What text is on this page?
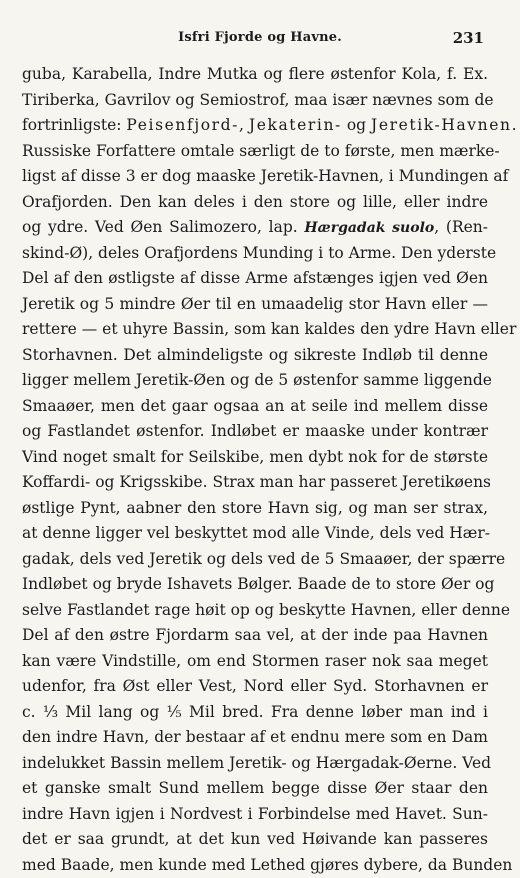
Isfri Fjorde og Havne.	231
guba, Karabella, Indre Mutka og flere østenfor Kola, f. Ex.
Tiriberka, Gavrilov og Semiostrof, maa især nævnes som de
fortrinligste: Peisenfjord-, Jekaterin- og Jeretik-Havnen.
Russiske Forfattere omtale særligt de to første, men mærke-
ligst af disse 3 er dog maaske Jeretik-Havnen, i Mundingen af
Orafjorden. Den kan deles i den store og lille, eller indre
og ydre. Ved Øen Salimozero, lap. Hærgadak suolo, (Ren-
skind-Ø), deles Orafjordens Munding i to Arme. Den yderste
Del af den østligste af disse Arme afstænges igjen ved Øen
Jeretik og 5 mindre Øer til en umaadelig stor Havn eller —
rettere — et uhyre Bassin, som kan kaldes den ydre Havn eller
Storhavnen. Det almindeligste og sikreste Indløb til denne
ligger mellem Jeretik-Øen og de 5 østenfor samme liggende
Smaaøer, men det gaar ogsaa an at seile ind mellem disse
og Fastlandet østenfor. Indløbet er maaske under kontrær
Vind noget smalt for Seilskibe, men dybt nok for de største
Koffardi- og Krigsskibe. Strax man har passeret Jeretikøens
østlige Pynt, aabner den store Havn sig, og man ser strax,
at denne ligger vel beskyttet mod alle Vinde, dels ved Hær-
gadak, dels ved Jeretik og dels ved de 5 Smaaøer, der spærre
Indløbet og bryde Ishavets Bølger. Baade de to store Øer og
selve Fastlandet rage høit op og beskytte Havnen, eller denne
Del af den østre Fjordarm saa vel, at der inde paa Havnen
kan være Vindstille, om end Stormen raser nok saa meget
udenfor, fra Øst eller Vest, Nord eller Syd. Storhavnen er
c. ⅓ Mil lang og ⅕ Mil bred. Fra denne løber man ind i
den indre Havn, der bestaar af et endnu mere som en Dam
indelukket Bassin mellem Jeretik- og Hærgadak-Øerne. Ved
et ganske smalt Sund mellem begge disse Øer staar den
indre Havn igjen i Nordvest i Forbindelse med Havet. Sun-
det er saa grundt, at det kun ved Høivande kan passeres
med Baade, men kunde med Lethed gjøres dybere, da Bunden
